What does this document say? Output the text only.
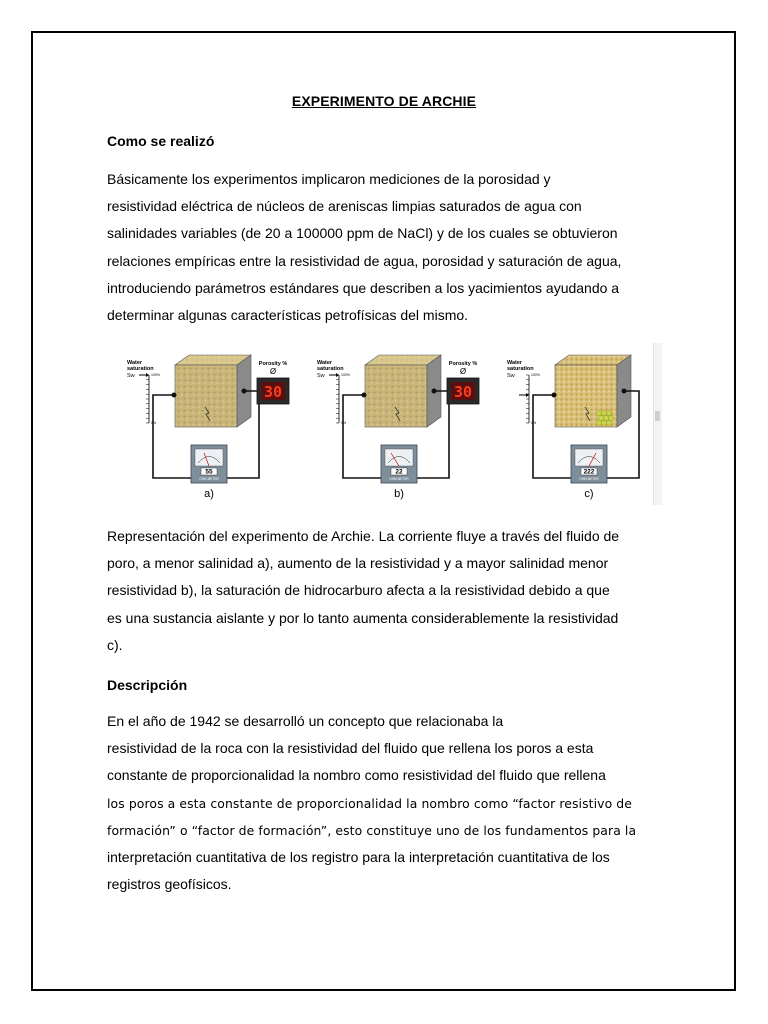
EXPERIMENTO DE ARCHIE
Como se realizó

Básicamente los experimentos implicaron mediciones de la porosidad y
resistividad eléctrica de núcleos de areniscas limpias saturados de agua con
salinidades variables (de 20 a 100000 ppm de NaCl) y de los cuales se obtuvieron
relaciones empíricas entre la resistividad de agua, porosidad y saturación de agua,
introduciendo parámetros estándares que describen a los yacimientos ayudando a
determinar algunas características petrofísicas del mismo.

Water
saturation
Sw	100%
0%
55
OHM METER
Porosity %
Ø
30
a)
Water
saturation
Sw	100%
0%
22
OHM METER
Porosity %
Ø
30
b)
Water
saturation
Sw	100%
0%
222
OHM METER
c)

Representación del experimento de Archie. La corriente fluye a través del fluido de
poro, a menor salinidad a), aumento de la resistividad y a mayor salinidad menor
resistividad b), la saturación de hidrocarburo afecta a la resistividad debido a que
es una sustancia aislante y por lo tanto aumenta considerablemente la resistividad
c).

Descripción

En el año de 1942 se desarrolló un concepto que relacionaba la
resistividad de la roca con la resistividad del fluido que rellena los poros a esta
constante de proporcionalidad la nombro como resistividad del fluido que rellena
los poros a esta constante de proporcionalidad la nombro como “factor resistivo de
formación” o “factor de formación”, esto constituye uno de los fundamentos para la
interpretación cuantitativa de los registro para la interpretación cuantitativa de los
registros geofísicos.
